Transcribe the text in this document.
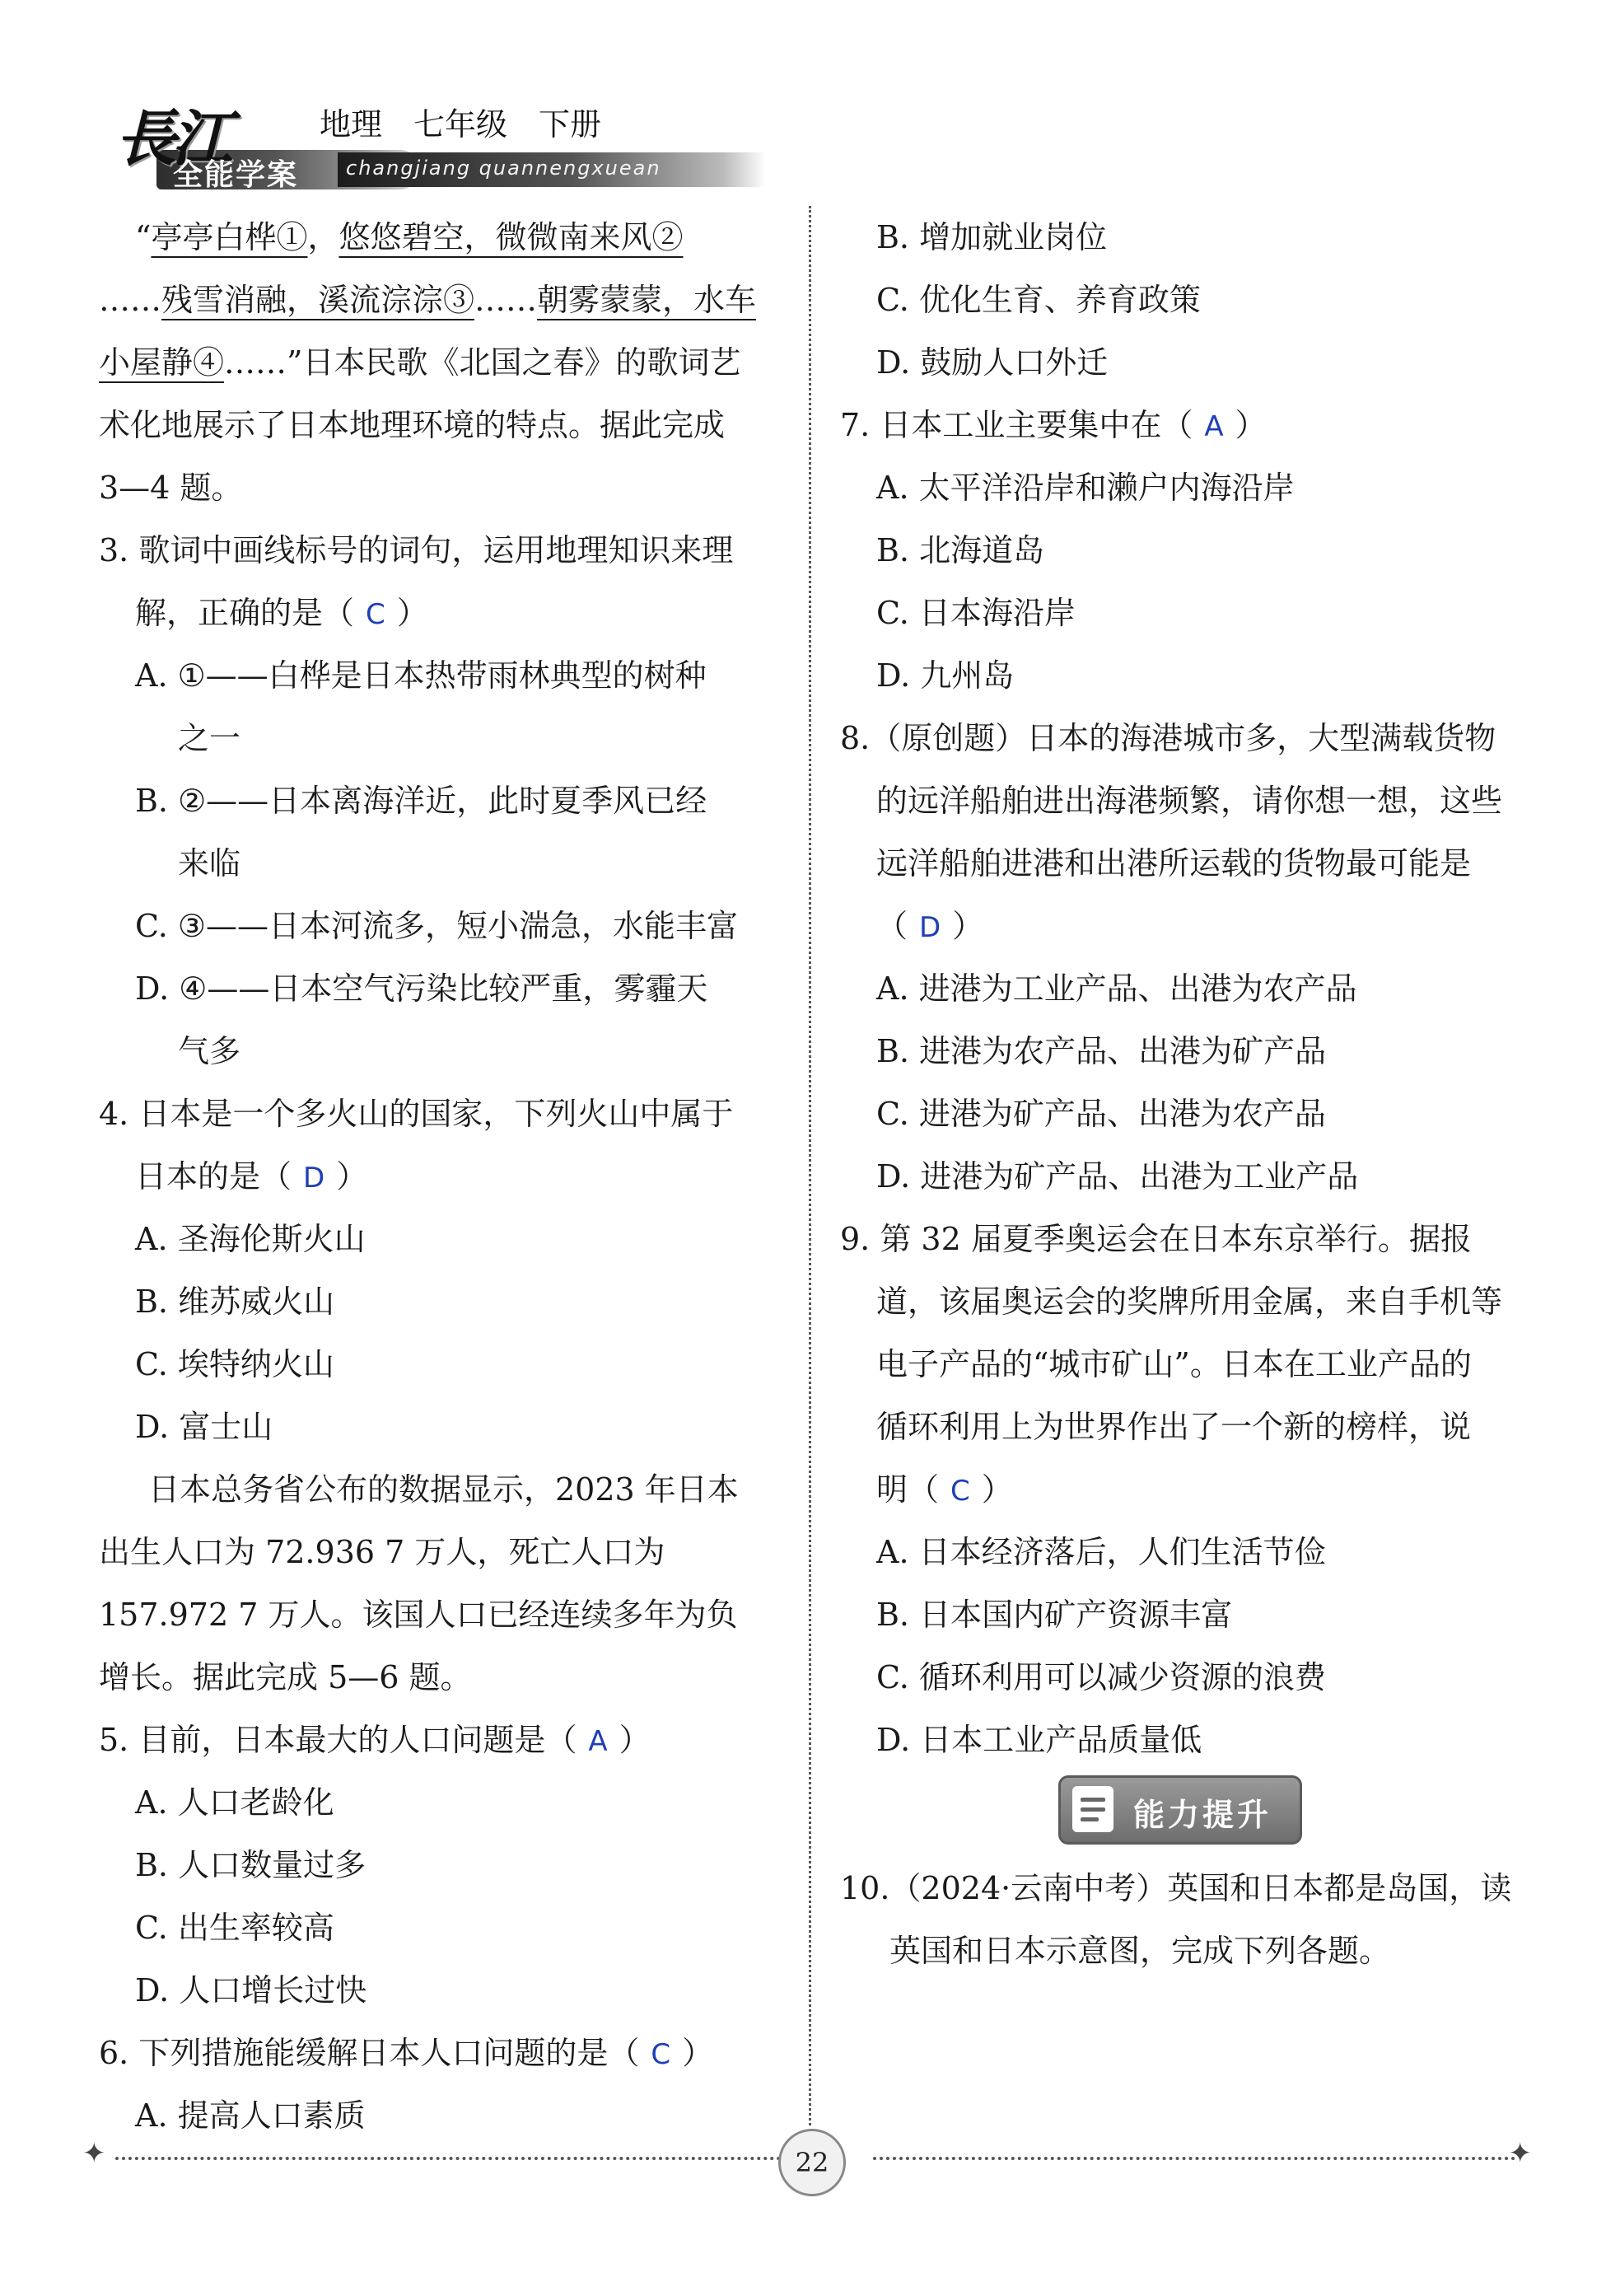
長江
全能学案
地理　七年级　下册
changjiang quannengxuean
“亭亭白桦①，悠悠碧空，微微南来风②
……残雪消融，溪流淙淙③……朝雾蒙蒙，水车
小屋静④……”日本民歌《北国之春》的歌词艺
术化地展示了日本地理环境的特点。据此完成
3—4 题。
3. 歌词中画线标号的词句，运用地理知识来理
解，正确的是（ C ）
A. ①——白桦是日本热带雨林典型的树种
之一
B. ②——日本离海洋近，此时夏季风已经
来临
C. ③——日本河流多，短小湍急，水能丰富
D. ④——日本空气污染比较严重，雾霾天
气多
4. 日本是一个多火山的国家，下列火山中属于
日本的是（ D ）
A. 圣海伦斯火山
B. 维苏威火山
C. 埃特纳火山
D. 富士山
日本总务省公布的数据显示，2023 年日本
出生人口为 72.936 7 万人，死亡人口为
157.972 7 万人。该国人口已经连续多年为负
增长。据此完成 5—6 题。
5. 目前，日本最大的人口问题是（ A ）
A. 人口老龄化
B. 人口数量过多
C. 出生率较高
D. 人口增长过快
6. 下列措施能缓解日本人口问题的是（ C ）
A. 提高人口素质
B. 增加就业岗位
C. 优化生育、养育政策
D. 鼓励人口外迁
7. 日本工业主要集中在（ A ）
A. 太平洋沿岸和濑户内海沿岸
B. 北海道岛
C. 日本海沿岸
D. 九州岛
8.（原创题）日本的海港城市多，大型满载货物
的远洋船舶进出海港频繁，请你想一想，这些
远洋船舶进港和出港所运载的货物最可能是
（ D ）
A. 进港为工业产品、出港为农产品
B. 进港为农产品、出港为矿产品
C. 进港为矿产品、出港为农产品
D. 进港为矿产品、出港为工业产品
9. 第 32 届夏季奥运会在日本东京举行。据报
道，该届奥运会的奖牌所用金属，来自手机等
电子产品的“城市矿山”。日本在工业产品的
循环利用上为世界作出了一个新的榜样，说
明（ C ）
A. 日本经济落后，人们生活节俭
B. 日本国内矿产资源丰富
C. 循环利用可以减少资源的浪费
D. 日本工业产品质量低
10.（2024·云南中考）英国和日本都是岛国，读
英国和日本示意图，完成下列各题。
能力提升
✦	22	✦
